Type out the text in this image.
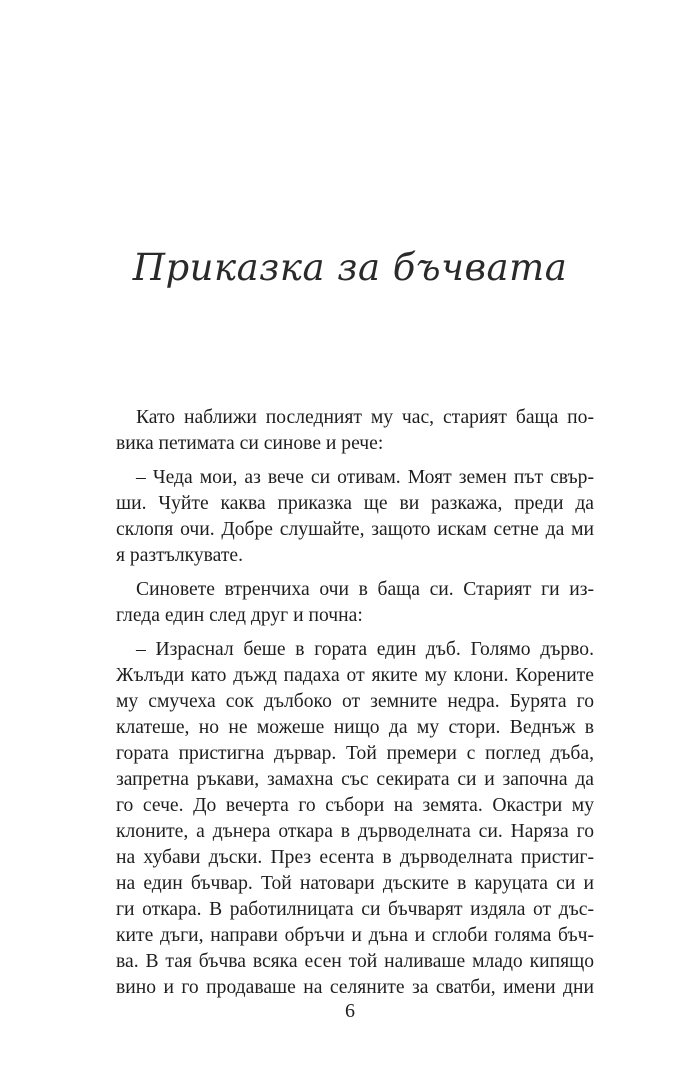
Приказка за бъчвата
Като наближи последният му час, старият баща по-
вика петимата си синове и рече:
– Чеда мои, аз вече си отивам. Моят земен път свър-
ши. Чуйте каква приказка ще ви разкажа, преди да
склопя очи. Добре слушайте, защото искам сетне да ми
я разтълкувате.
Синовете втренчиха очи в баща си. Старият ги из-
гледа един след друг и почна:
– Израснал беше в гората един дъб. Голямо дърво.
Жълъди като дъжд падаха от яките му клони. Корените
му смучеха сок дълбоко от земните недра. Бурята го
клатеше, но не можеше нищо да му стори. Веднъж в
гората пристигна дървар. Той премери с поглед дъба,
запретна ръкави, замахна със секирата си и започна да
го сече. До вечерта го събори на земята. Окастри му
клоните, а дънера откара в дърводелната си. Наряза го
на хубави дъски. През есента в дърводелната пристиг-
на един бъчвар. Той натовари дъските в каруцата си и
ги откара. В работилницата си бъчварят издяла от дъс-
ките дъги, направи обръчи и дъна и сглоби голяма бъч-
ва. В тая бъчва всяка есен той наливаше младо кипящо
вино и го продаваше на селяните за сватби, имени дни
6
